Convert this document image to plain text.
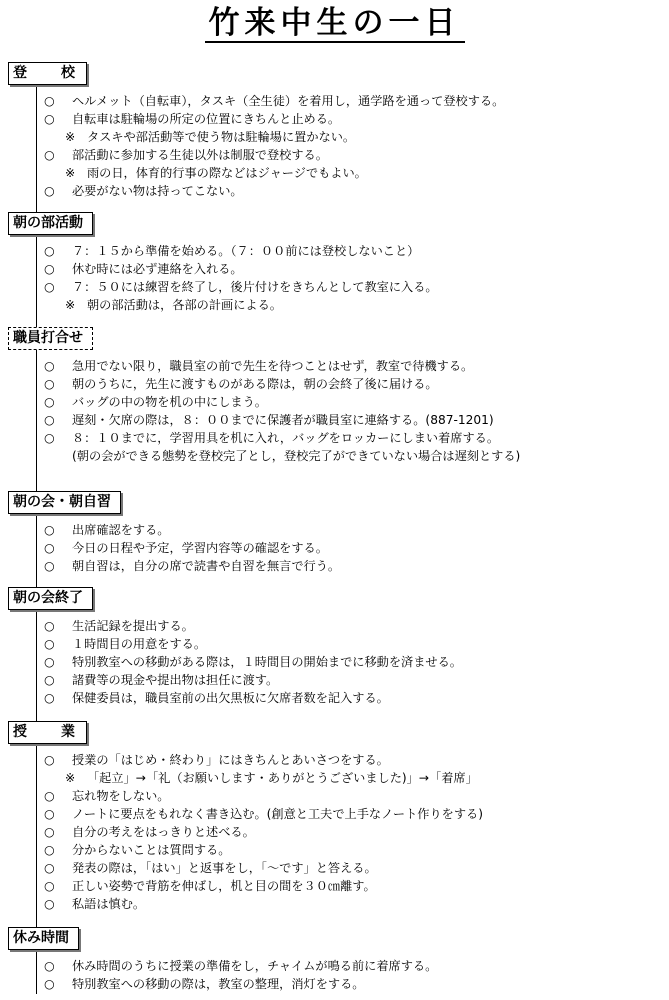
竹来中生の一日
登　　校
○ ヘルメット（自転車），タスキ（全生徒）を着用し，通学路を通って登校する。
○ 自転車は駐輪場の所定の位置にきちんと止める。
※ タスキや部活動等で使う物は駐輪場に置かない。
○ 部活動に参加する生徒以外は制服で登校する。
※ 雨の日，体育的行事の際などはジャージでもよい。
○ 必要がない物は持ってこない。
朝の部活動
○ ７：１５から準備を始める。（７：００前には登校しないこと）
○ 休む時には必ず連絡を入れる。
○ ７：５０には練習を終了し，後片付けをきちんとして教室に入る。
※ 朝の部活動は，各部の計画による。
職員打合せ
○ 急用でない限り，職員室の前で先生を待つことはせず，教室で待機する。
○ 朝のうちに，先生に渡すものがある際は，朝の会終了後に届ける。
○ バッグの中の物を机の中にしまう。
○ 遅刻・欠席の際は，８：００までに保護者が職員室に連絡する。(887-1201)
○ ８：１０までに，学習用具を机に入れ，バッグをロッカーにしまい着席する。
(朝の会ができる態勢を登校完了とし，登校完了ができていない場合は遅刻とする)
朝の会・朝自習
○ 出席確認をする。
○ 今日の日程や予定，学習内容等の確認をする。
○ 朝自習は，自分の席で読書や自習を無言で行う。
朝の会終了
○ 生活記録を提出する。
○ １時間目の用意をする。
○ 特別教室への移動がある際は，１時間目の開始までに移動を済ませる。
○ 諸費等の現金や提出物は担任に渡す。
○ 保健委員は，職員室前の出欠黒板に欠席者数を記入する。
授　　業
○ 授業の「はじめ・終わり」にはきちんとあいさつをする。
※ 「起立」→「礼（お願いします・ありがとうございました)」→「着席」
○ 忘れ物をしない。
○ ノートに要点をもれなく書き込む。(創意と工夫で上手なノート作りをする)
○ 自分の考えをはっきりと述べる。
○ 分からないことは質問する。
○ 発表の際は，「はい」と返事をし，「～です」と答える。
○ 正しい姿勢で背筋を伸ばし，机と目の間を３０㎝離す。
○ 私語は慎む。
休み時間
○ 休み時間のうちに授業の準備をし，チャイムが鳴る前に着席する。
○ 特別教室への移動の際は，教室の整理，消灯をする。
